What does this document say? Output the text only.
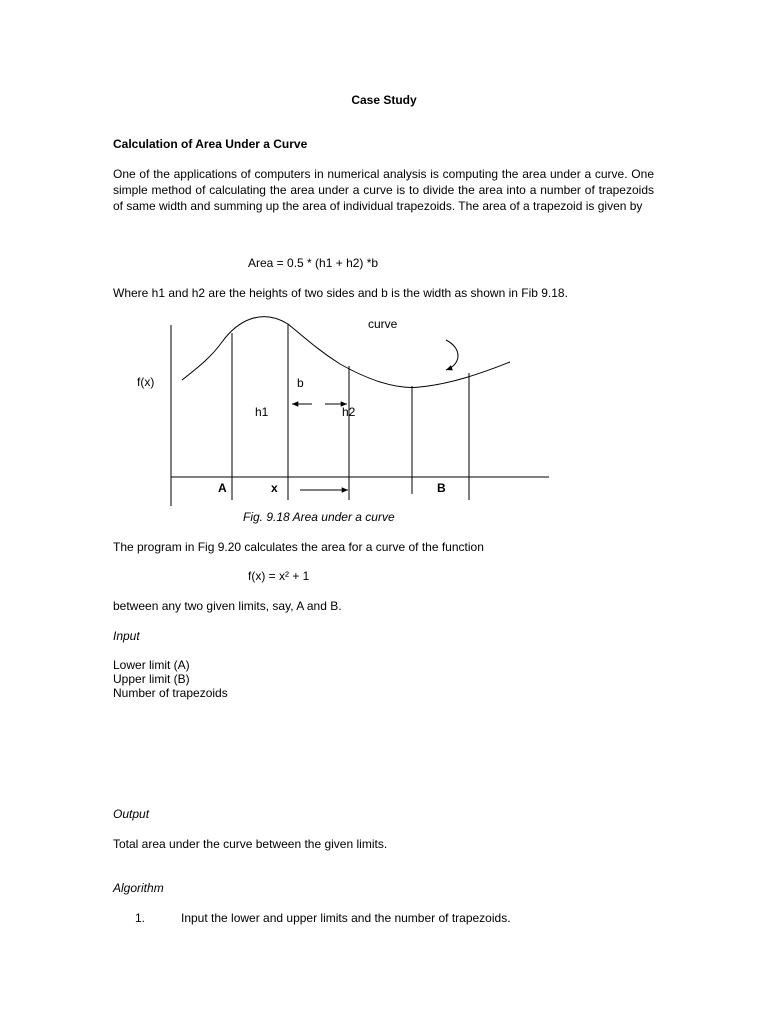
Case Study
Calculation of Area Under a Curve
One of the applications of computers in numerical analysis is computing the area under a curve. One simple method of calculating the area under a curve is to divide the area into a number of trapezoids of same width and summing up the area of individual trapezoids. The area of a trapezoid is given by
Area = 0.5 * (h1 + h2) *b
Where h1 and h2 are the heights of two sides and b is the width as shown in Fib 9.18.
curve
f(x)	b
h1	h2
A	x	B
Fig. 9.18 Area under a curve
The program in Fig 9.20 calculates the area for a curve of the function
f(x) = x² + 1
between any two given limits, say, A and B.
Input
Lower limit (A)
Upper limit (B)
Number of trapezoids
Output
Total area under the curve between the given limits.
Algorithm
1.	Input the lower and upper limits and the number of trapezoids.
